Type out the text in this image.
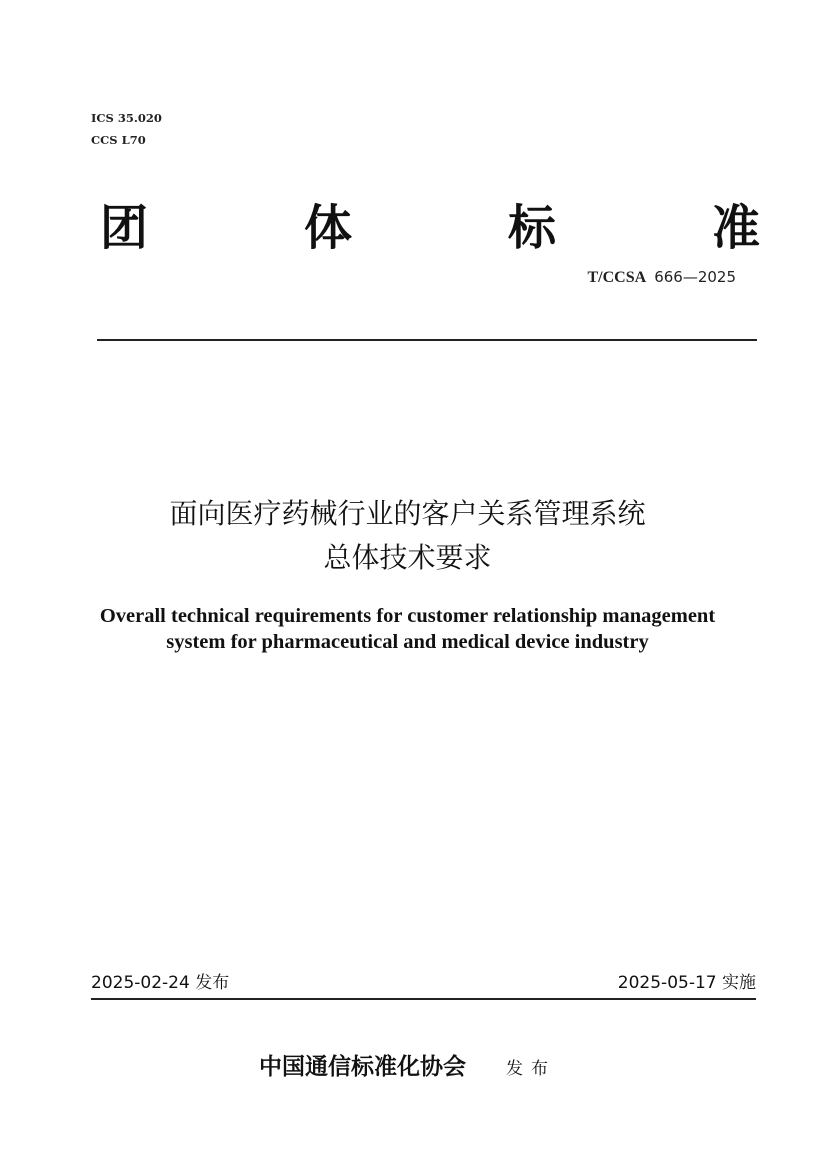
ICS 35.020
CCS L70
团	体	标	准
T/CCSA 666—2025
面向医疗药械行业的客户关系管理系统
总体技术要求
Overall technical requirements for customer relationship management
system for pharmaceutical and medical device industry
2025-02-24 发布	2025-05-17 实施
中国通信标准化协会 发布
